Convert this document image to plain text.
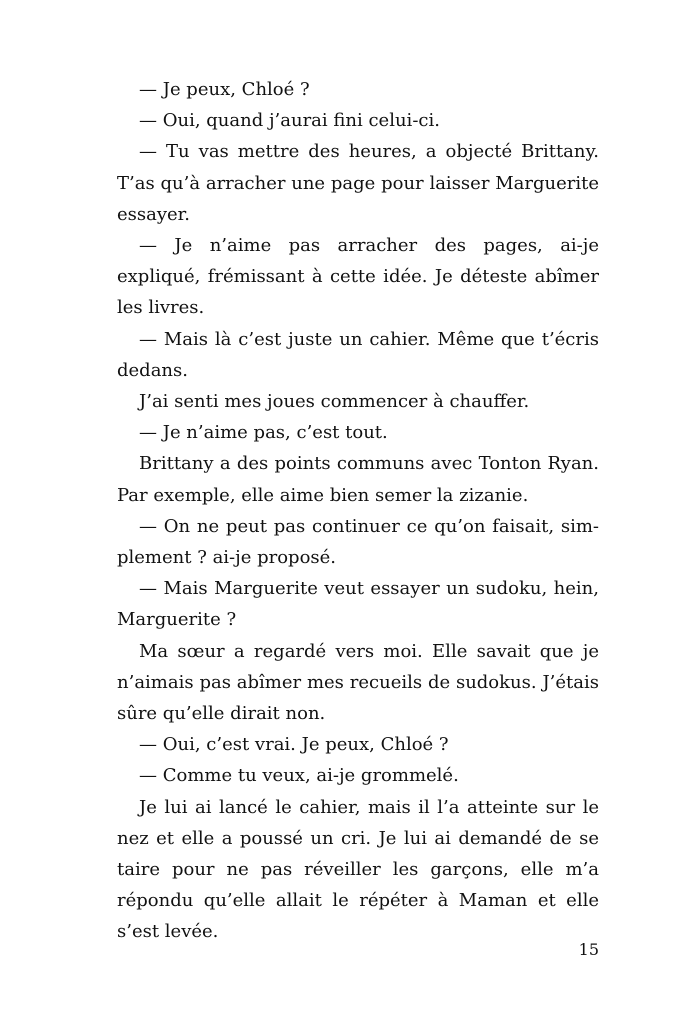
— Je peux, Chloé ?

— Oui, quand j’aurai fini celui-ci.

— Tu vas mettre des heures, a objecté Brittany. T’as qu’à arracher une page pour laisser Marguerite essayer.

— Je n’aime pas arracher des pages, ai-je expliqué, frémissant à cette idée. Je déteste abîmer les livres.

— Mais là c’est juste un cahier. Même que t’écris dedans.

J’ai senti mes joues commencer à chauffer.

— Je n’aime pas, c’est tout.

Brittany a des points communs avec Tonton Ryan. Par exemple, elle aime bien semer la zizanie.

— On ne peut pas continuer ce qu’on faisait, simplement ? ai-je proposé.

— Mais Marguerite veut essayer un sudoku, hein, Marguerite ?

Ma sœur a regardé vers moi. Elle savait que je n’aimais pas abîmer mes recueils de sudokus. J’étais sûre qu’elle dirait non.

— Oui, c’est vrai. Je peux, Chloé ?

— Comme tu veux, ai-je grommelé.

Je lui ai lancé le cahier, mais il l’a atteinte sur le nez et elle a poussé un cri. Je lui ai demandé de se taire pour ne pas réveiller les garçons, elle m’a répondu qu’elle allait le répéter à Maman et elle s’est levée.

15
